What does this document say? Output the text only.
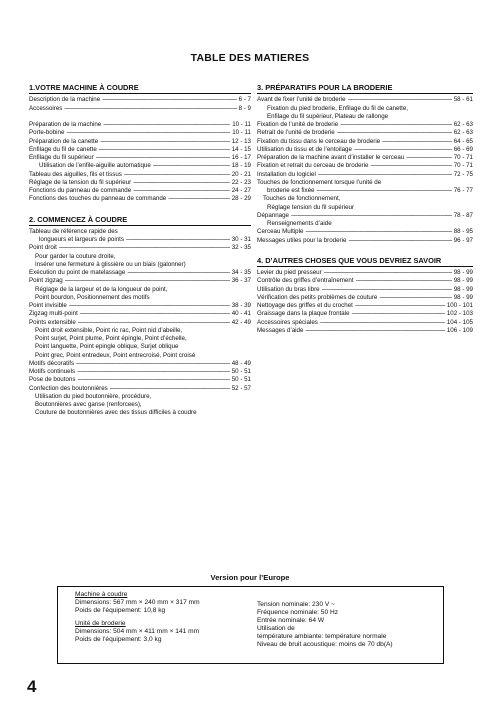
TABLE DES MATIERES
1.VOTRE MACHINE À COUDRE
Description de la machine -----	6 - 7
Accessoires -----	8 - 9
Préparation de la machine -----	10 - 11
Porte-bobine -----	10 - 11
Préparation de la canette -----	12 - 13
Enfilage du fil de canette -----	14 - 15
Enfilage du fil supérieur -----	16 - 17
Utilisation de l’enfile-aiguille automatique -----	18 - 19
Tableau des aiguilles, fils et tissus -----	20 - 21
Réglage de la tension du fil supérieur -----	22 - 23
Fonctions du panneau de commande -----	24 - 27
Fonctions des touches du panneau de commande -----	28 - 29
2. COMMENCEZ À COUDRE
Tableau de référence rapide des
longueurs et largeurs de points -----	30 - 31
Point droit -----	32 - 35
Pour garder la couture droite,
Insérer une fermeture à glissière ou un biais (galonner)
Exécution du point de matelassage -----	34 - 35
Point zigzag -----	36 - 37
Réglage de la largeur et de la longueur de point,
Point bourdon, Positionnement des motifs
Point invisible -----	38 - 39
Zigzag multi-point -----	40 - 41
Points extensible -----	42 - 49
Point droit extensible, Point ric rac, Point nid d’abeille,
Point surjet, Point plume, Point épingle, Point d’échelle,
Point languette, Point epingle oblique, Surjet oblique
Point grec, Point entredeux, Point entrecroisé, Point croisé
Motifs décoratifs -----	48 - 49
Motifs continuels -----	50 - 51
Pose de boutons -----	50 - 51
Confection des boutonnières -----	52 - 57
Utilisation du pied boutonnière, procédure,
Boutonnières avec ganse (renforcees),
Couture de boutonnières avec des tissus difficiles à coudre
3. PRÉPARATIFS POUR LA BRODERIE
Avant de fixer l’unité de broderie -----	58 - 61
Fixation du pied broderie, Enfilage du fil de canette,
Enfilage du fil supérieur, Plateau de rallonge
Fixation de l’unité de broderie -----	62 - 63
Retrait de l’unité de broderie -----	62 - 63
Fixation du tissu dans le cerceau de broderie -----	64 - 65
Utilisation du tissu et de l’entoilage -----	66 - 69
Préparation de la machine avant d’installer le cerceau -----	70 - 71
Fixation et retrait du cerceau de broderie -----	70 - 71
Installation du logiciel -----	72 - 75
Touches de fonctionnement lorsque l’unité de
broderie est fixée -----	76 - 77
Touches de fonctionnement,
Réglage tension du fil supérieur
Dépannage -----	78 - 87
Renseignements d’aide
Cerceau Multiple -----	88 - 95
Messages utiles pour la broderie -----	96 - 97
4. D’AUTRES CHOSES QUE VOUS DEVRIEZ SAVOIR
Levier du pied presseur -----	98 - 99
Contrôle des griffes d’entraînement -----	98 - 99
Utilisation du bras libre -----	98 - 99
Vérification des petits problèmes de couture -----	98 - 99
Nettoyage des griffes et du crochet -----	100 - 101
Graissage dans la plaque frontale -----	102 - 103
Accessoires spéciales -----	104 - 105
Messages d’aide -----	106 - 109
Version pour l’Europe
Machine à coudre
Dimensions: 567 mm × 240 mm × 317 mm
Poids de l’équipement: 10,8 kg
Unité de broderie
Dimensions: 504 mm × 411 mm × 141 mm
Poids de l’équipement: 3,0 kg
Tension nominale: 230 V ~
Fréquence nominale: 50 Hz
Entrée nominale: 64 W
Utilisation de
température ambiante: température normale
Niveau de bruit acoustique: moins de 70 db(A)
4
